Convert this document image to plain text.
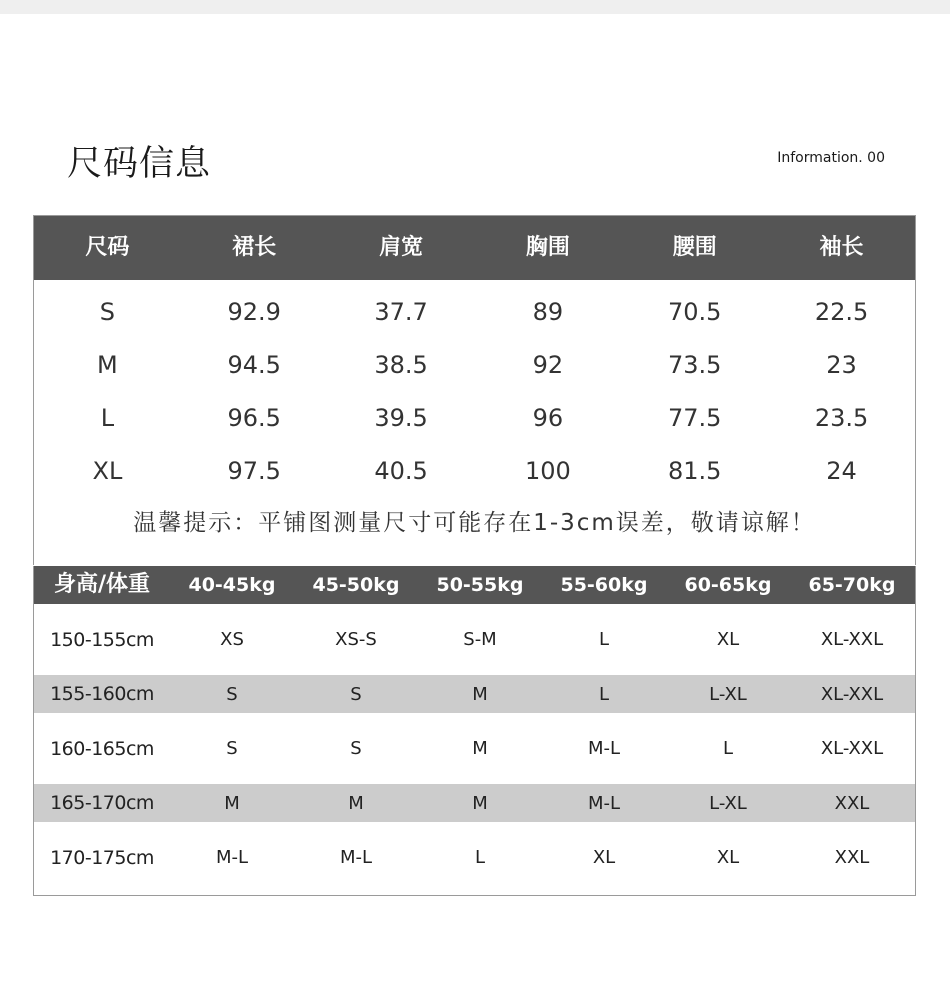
尺码信息	Information. 00
尺码	裙长	肩宽	胸围	腰围	袖长
S	92.9	37.7	89	70.5	22.5
M	94.5	38.5	92	73.5	23
L	96.5	39.5	96	77.5	23.5
XL	97.5	40.5	100	81.5	24
温馨提示：平铺图测量尺寸可能存在1-3cm误差，敬请谅解！
身高/体重	40-45kg	45-50kg	50-55kg	55-60kg	60-65kg	65-70kg
150-155cm	XS	XS-S	S-M	L	XL	XL-XXL
155-160cm	S	S	M	L	L-XL	XL-XXL
160-165cm	S	S	M	M-L	L	XL-XXL
165-170cm	M	M	M	M-L	L-XL	XXL
170-175cm	M-L	M-L	L	XL	XL	XXL
